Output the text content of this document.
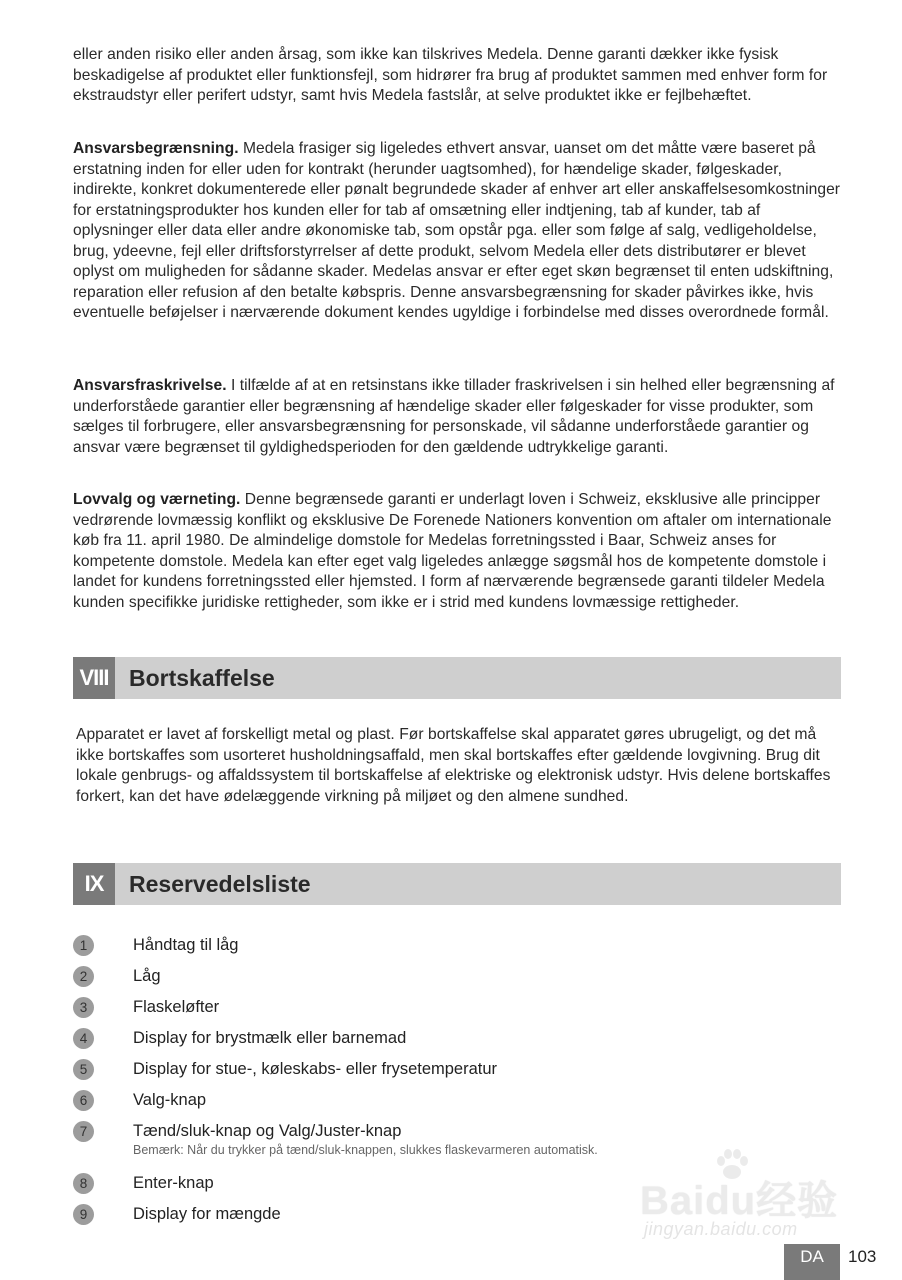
eller anden risiko eller anden årsag, som ikke kan tilskrives Medela. Denne garanti dækker ikke fysisk beskadigelse af produktet eller funktionsfejl, som hidrører fra brug af produktet sammen med enhver form for ekstraudstyr eller perifert udstyr, samt hvis Medela fastslår, at selve produktet ikke er fejlbehæftet.

Ansvarsbegrænsning. Medela frasiger sig ligeledes ethvert ansvar, uanset om det måtte være baseret på erstatning inden for eller uden for kontrakt (herunder uagtsomhed), for hændelige skader, følgeskader, indirekte, konkret dokumenterede eller pønalt begrundede skader af enhver art eller anskaffelsesomkostninger for erstatningsprodukter hos kunden eller for tab af omsætning eller indtjening, tab af kunder, tab af oplysninger eller data eller andre økonomiske tab, som opstår pga. eller som følge af salg, vedligeholdelse, brug, ydeevne, fejl eller driftsforstyrrelser af dette produkt, selvom Medela eller dets distributører er blevet oplyst om muligheden for sådanne skader. Medelas ansvar er efter eget skøn begrænset til enten udskiftning, reparation eller refusion af den betalte købspris. Denne ansvarsbegrænsning for skader påvirkes ikke, hvis eventuelle beføjelser i nærværende dokument kendes ugyldige i forbindelse med disses overordnede formål.

Ansvarsfraskrivelse. I tilfælde af at en retsinstans ikke tillader fraskrivelsen i sin helhed eller begrænsning af underforståede garantier eller begrænsning af hændelige skader eller følgeskader for visse produkter, som sælges til forbrugere, eller ansvarsbegrænsning for personskade, vil sådanne underforståede garantier og ansvar være begrænset til gyldighedsperioden for den gældende udtrykkelige garanti.

Lovvalg og værneting. Denne begrænsede garanti er underlagt loven i Schweiz, eksklusive alle principper vedrørende lovmæssig konflikt og eksklusive De Forenede Nationers konvention om aftaler om internationale køb fra 11. april 1980. De almindelige domstole for Medelas forretningssted i Baar, Schweiz anses for kompetente domstole. Medela kan efter eget valg ligeledes anlægge søgsmål hos de kompetente domstole i landet for kundens forretningssted eller hjemsted. I form af nærværende begrænsede garanti tildeler Medela kunden specifikke juridiske rettigheder, som ikke er i strid med kundens lovmæssige rettigheder.

VIII Bortskaffelse

Apparatet er lavet af forskelligt metal og plast. Før bortskaffelse skal apparatet gøres ubrugeligt, og det må ikke bortskaffes som usorteret husholdningsaffald, men skal bortskaffes efter gældende lovgivning. Brug dit lokale genbrugs- og affaldssystem til bortskaffelse af elektriske og elektronisk udstyr. Hvis delene bortskaffes forkert, kan det have ødelæggende virkning på miljøet og den almene sundhed.

IX	Reservedelsliste
1	Håndtag til låg
2	Låg
3	Flaskeløfter
4	Display for brystmælk eller barnemad
5	Display for stue-, køleskabs- eller frysetemperatur
6	Valg-knap
7	Tænd/sluk-knap og Valg/Juster-knap
Bemærk: Når du trykker på tænd/sluk-knappen, slukkes flaskevarmeren automatisk.
8	Enter-knap
9	Display for mængde	Baidu经验
jingyan.baidu.com
DA	103
